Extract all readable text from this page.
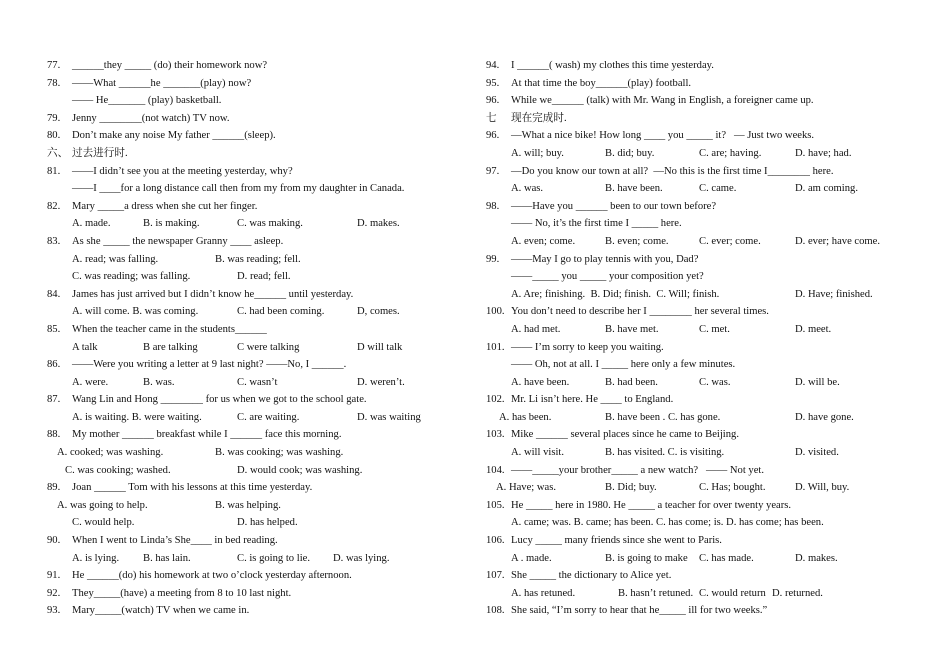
77. ______they _____ (do) their homework now?
78. ——What ______he _______(play) now?
—— He_______ (play) basketball.
79. Jenny ________(not watch) TV now.
80. Don’t make any noise My father ______(sleep).
六、 过去进行时.
81. ——I didn’t see you at the meeting yesterday, why?
——I ____for a long distance call then from my from my daughter in Canada.
82. Mary _____a dress when she cut her finger.
A. made.	B. is making.	C. was making.	D. makes.
83. As she _____ the newspaper Granny ____ asleep.
A. read; was falling.	B. was reading; fell.
C. was reading; was falling.	D. read; fell.
84. James has just arrived but I didn’t know he______ until yesterday.
A. will come. B. was coming.	C. had been coming.	D, comes.
85. When the teacher came in the students______
A talk	B are talking	C were talking	D will talk
86. ——Were you writing a letter at 9 last night? ——No, I ______.
A. were.	B. was.	C. wasn’t	D. weren’t.
87. Wang Lin and Hong ________ for us when we got to the school gate.
A. is waiting. B. were waiting.	C. are waiting.	D. was waiting
88. My mother ______ breakfast while I ______ face this morning.
A. cooked; was washing.	B. was cooking; was washing.
C. was cooking; washed.	D. would cook; was washing.
89. Joan ______ Tom with his lessons at this time yesterday.
A. was going to help.	B. was helping.
C. would help.	D. has helped.
90. When I went to Linda’s She____ in bed reading.
A. is lying. B. has lain.	C. is going to lie. D. was lying.
91. He ______(do) his homework at two o’clock yesterday afternoon.
92. They_____(have) a meeting from 8 to 10 last night.
93. Mary_____(watch) TV when we came in.
94. I ______( wash) my clothes this time yesterday.
95. At that time the boy______(play) football.
96. While we______ (talk) with Mr. Wang in English, a foreigner came up.
七 现在完成时.
96. —What a nice bike! How long ____ you _____ it?   — Just two weeks.
A. will; buy.	B. did; buy.	C. are; having.	D. have; had.
97. —Do you know our town at all?  —No this is the first time I________ here.
A. was.	B. have been.	C. came.	D. am coming.
98. ——Have you ______ been to our town before?
—— No, it’s the first time I _____ here.
A. even; come.	B. even; come.	C. ever; come.	D. ever; have come.
99. ——May I go to play tennis with you, Dad?
——_____ you _____ your composition yet?
A. Are; finishing.  B. Did; finish.  C. Will; finish.	D. Have; finished.
100. You don’t need to describe her I ________ her several times.
A. had met.	B. have met.	C. met.	D. meet.
101. —— I’m sorry to keep you waiting.
—— Oh, not at all. I _____ here only a few minutes.
A. have been.	B. had been.	C. was.	D. will be.
102. Mr. Li isn’t here. He ____ to England.
A. has been.	B. have been . C. has gone.	D. have gone.
103. Mike ______ several places since he came to Beijing.
A. will visit.	B. has visited. C. is visiting.	D. visited.
104. ——_____your brother_____ a new watch?   —— Not yet.
A. Have; was.	B. Did; buy.	C. Has; bought.	D. Will, buy.
105. He _____ here in 1980. He _____ a teacher for over twenty years.
A. came; was. B. came; has been. C. has come; is. D. has come; has been.
106. Lucy _____ many friends since she went to Paris.
A . made.	B. is going to make C. has made.	D. makes.
107. She _____ the dictionary to Alice yet.
A. has retuned.	B. hasn’t retuned. C. would return D. returned.
108. She said, “I’m sorry to hear that he_____ ill for two weeks.”
